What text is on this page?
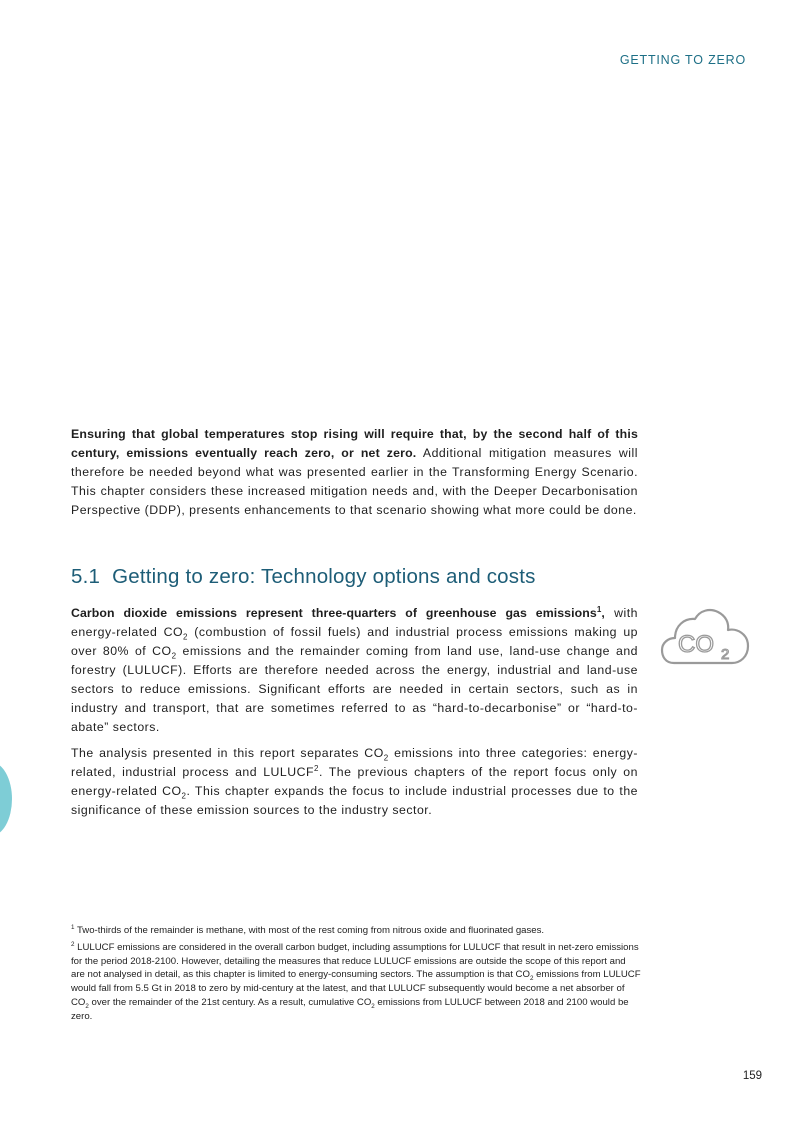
GETTING TO ZERO

Ensuring that global temperatures stop rising will require that, by the second half of this century, emissions eventually reach zero, or net zero. Additional mitigation measures will therefore be needed beyond what was presented earlier in the Transforming Energy Scenario. This chapter considers these increased mitigation needs and, with the Deeper Decarbonisation Perspective (DDP), presents enhancements to that scenario showing what more could be done.

5.1 Getting to zero: Technology options and costs

Carbon dioxide emissions represent three-quarters of greenhouse gas emissions$^1$, with energy-related $CO_2$ (combustion of fossil fuels) and industrial process emissions making up over 80% of $CO_2$ emissions and the remainder coming from land use, land-use change and forestry (LULUCF). Efforts are therefore needed across the energy, industrial and land-use sectors to reduce emissions. Significant efforts are needed in certain sectors, such as in industry and transport, that are sometimes referred to as “hard-to-decarbonise” or “hard-to-abate” sectors.

The analysis presented in this report separates $CO_2$ emissions into three categories: energy-related, industrial process and LULUCF$^2$. The previous chapters of the report focus only on energy-related $CO_2$. This chapter expands the focus to include industrial processes due to the significance of these emission sources to the industry sector.

CO 2

$^1$ Two-thirds of the remainder is methane, with most of the rest coming from nitrous oxide and fluorinated gases.

$^2$ LULUCF emissions are considered in the overall carbon budget, including assumptions for LULUCF that result in net-zero emissions for the period 2018-2100. However, detailing the measures that reduce LULUCF emissions are outside the scope of this report and are not analysed in detail, as this chapter is limited to energy-consuming sectors. The assumption is that $CO_2$ emissions from LULUCF would fall from 5.5 Gt in 2018 to zero by mid-century at the latest, and that LULUCF subsequently would become a net absorber of $CO_2$ over the remainder of the 21st century. As a result, cumulative $CO_2$ emissions from LULUCF between 2018 and 2100 would be zero.

159
